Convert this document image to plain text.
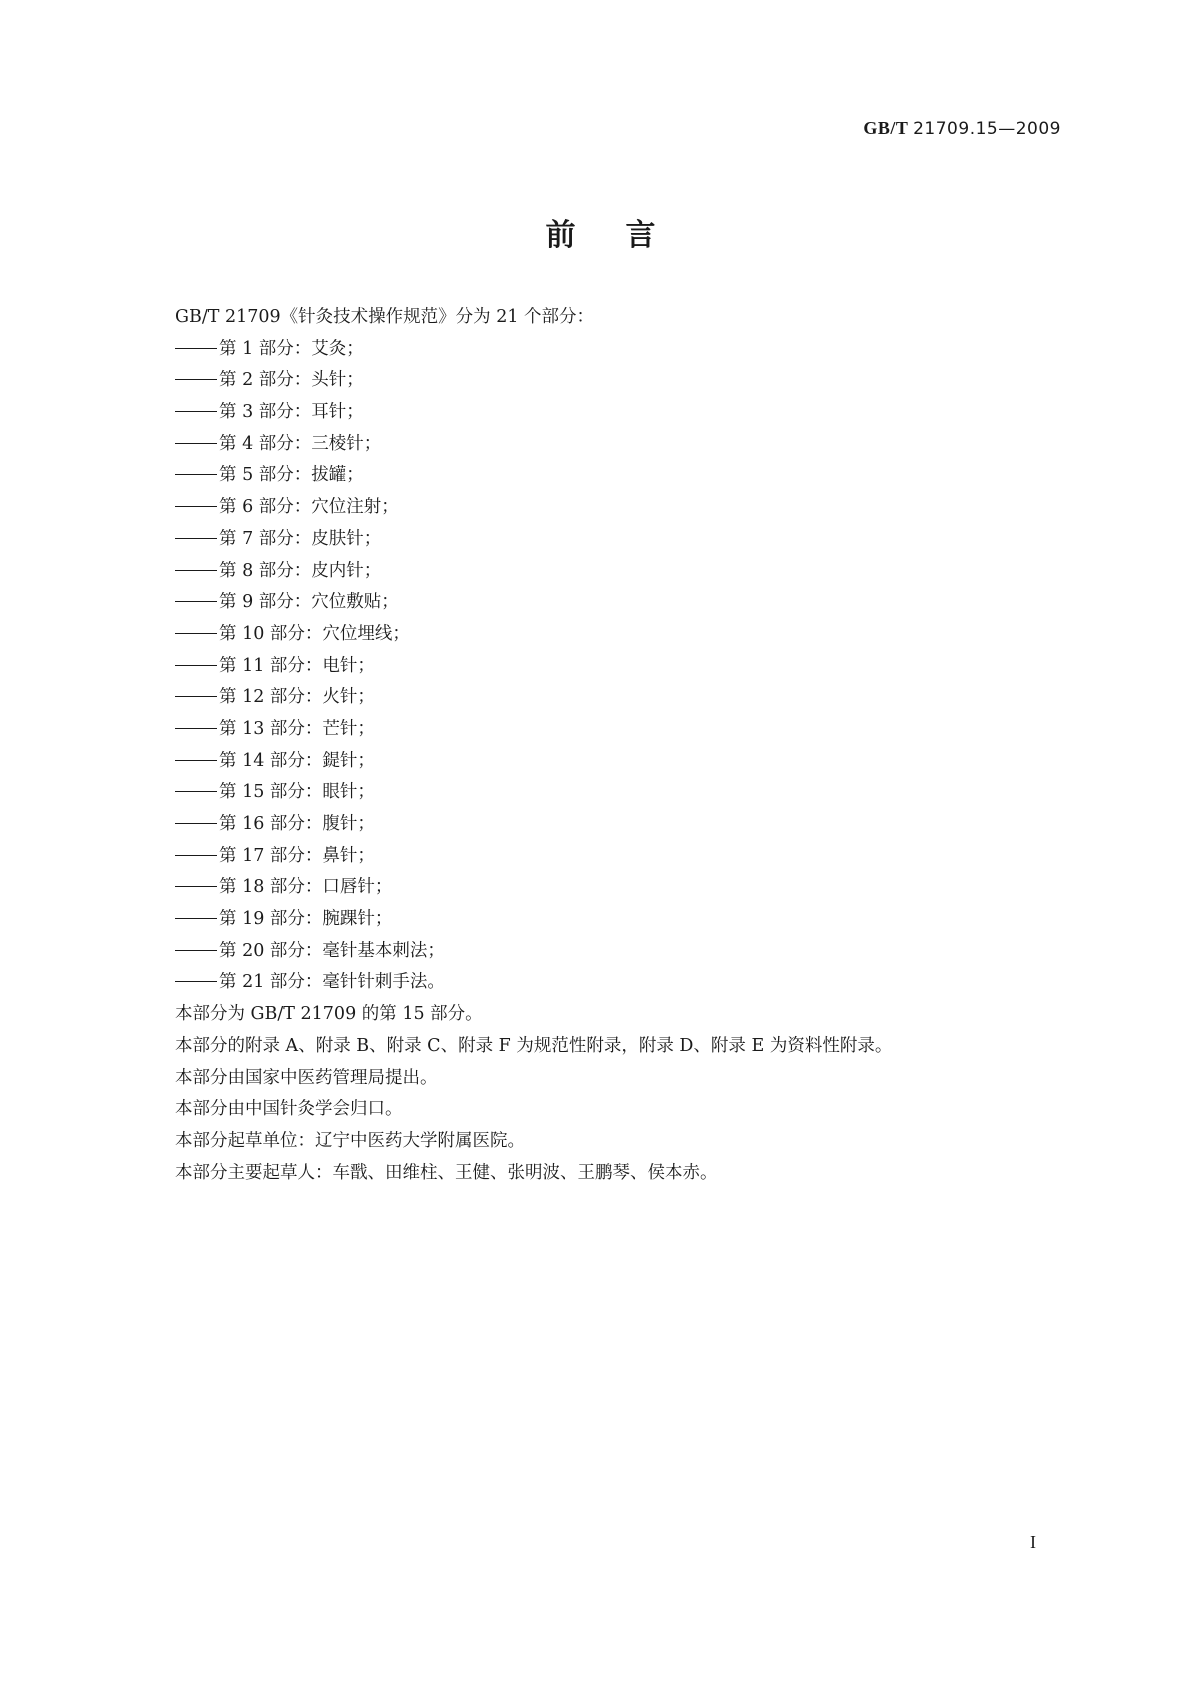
GB/T 21709.15—2009
前言
GB/T 21709《针灸技术操作规范》分为 21 个部分：
第 1 部分：艾灸；
第 2 部分：头针；
第 3 部分：耳针；
第 4 部分：三棱针；
第 5 部分：拔罐；
第 6 部分：穴位注射；
第 7 部分：皮肤针；
第 8 部分：皮内针；
第 9 部分：穴位敷贴；
第 10 部分：穴位埋线；
第 11 部分：电针；
第 12 部分：火针；
第 13 部分：芒针；
第 14 部分：鍉针；
第 15 部分：眼针；
第 16 部分：腹针；
第 17 部分：鼻针；
第 18 部分：口唇针；
第 19 部分：腕踝针；
第 20 部分：毫针基本刺法；
第 21 部分：毫针针刺手法。
本部分为 GB/T 21709 的第 15 部分。
本部分的附录 A、附录 B、附录 C、附录 F 为规范性附录，附录 D、附录 E 为资料性附录。
本部分由国家中医药管理局提出。
本部分由中国针灸学会归口。
本部分起草单位：辽宁中医药大学附属医院。
本部分主要起草人：车戬、田维柱、王健、张明波、王鹏琴、侯本赤。
I
